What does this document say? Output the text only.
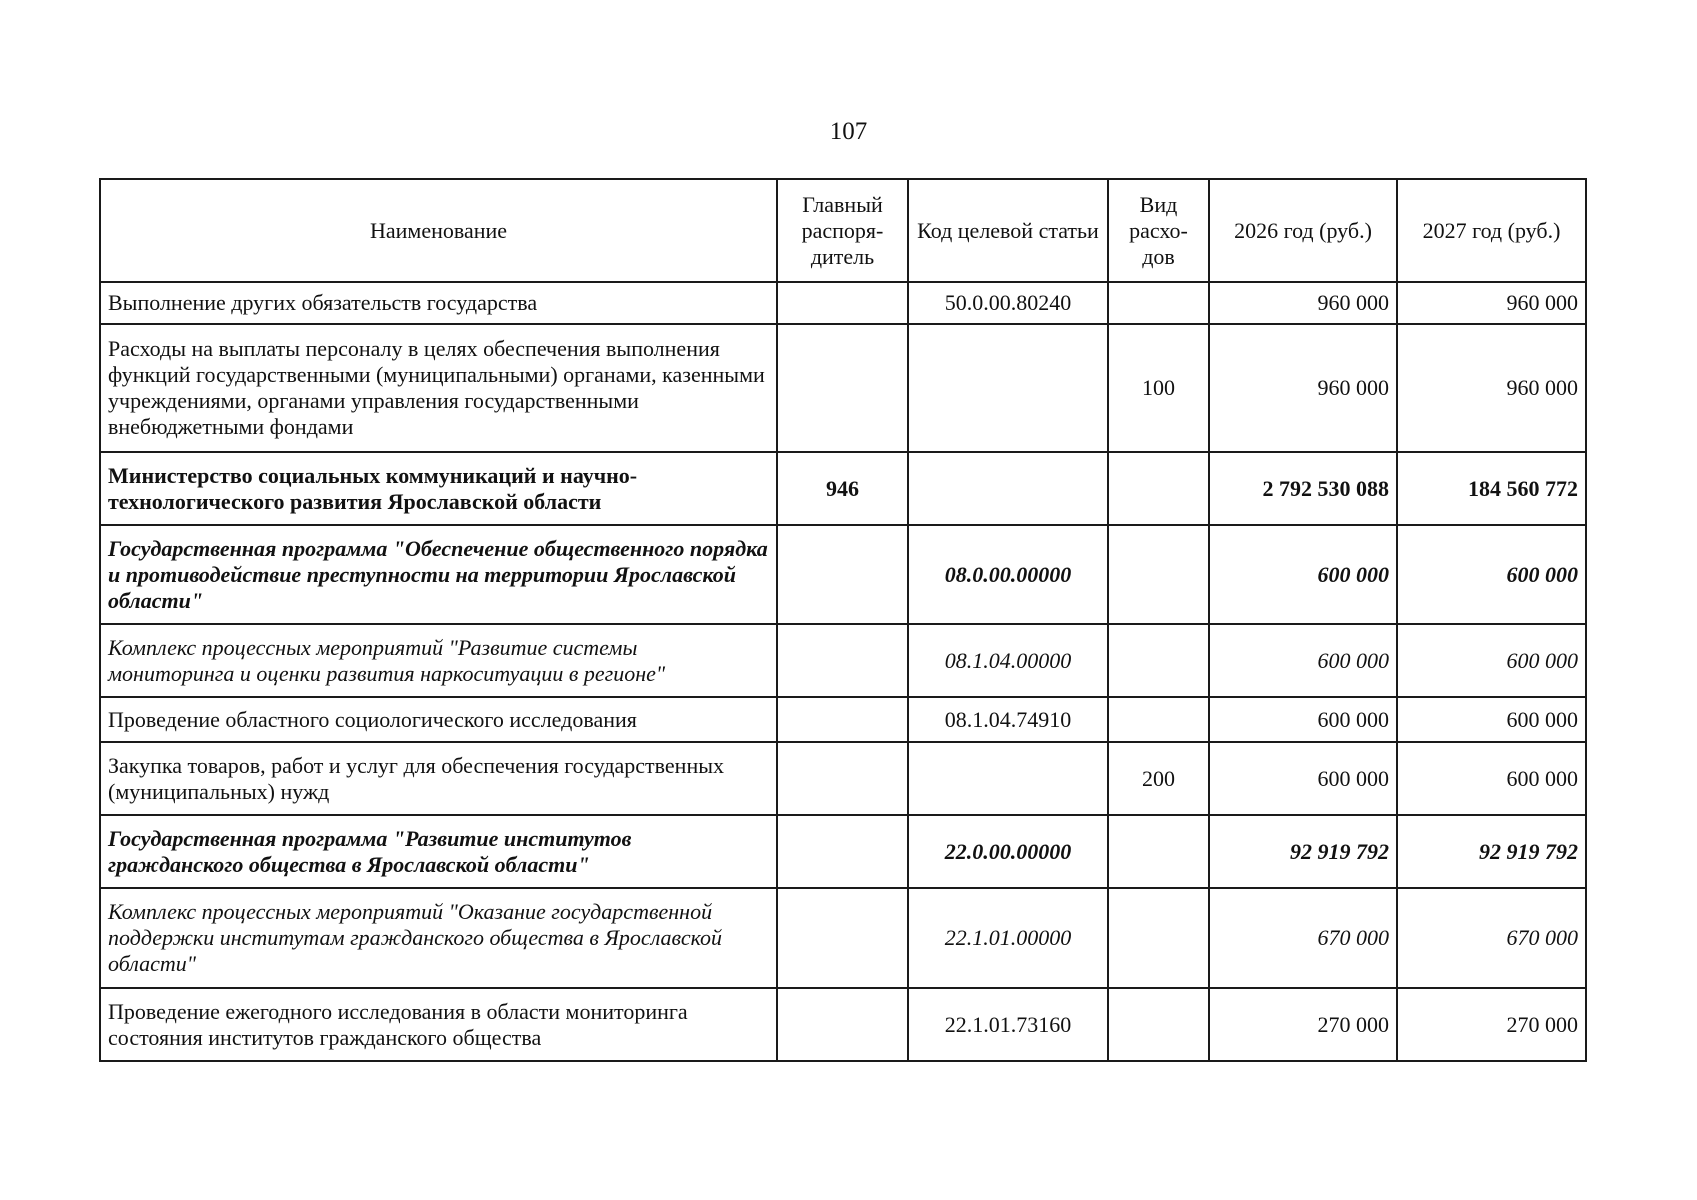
107
Наименование	Главный распоря-дитель	Код целевой статьи	Вид расхо-дов	2026 год (руб.)	2027 год (руб.)
Выполнение других обязательств государства		50.0.00.80240		960 000	960 000
Расходы на выплаты персоналу в целях обеспечения выполнения функций государственными (муниципальными) органами, казенными учреждениями, органами управления государственными внебюджетными фондами			100	960 000	960 000
Министерство социальных коммуникаций и научно-технологического развития Ярославской области	946			2 792 530 088	184 560 772
Государственная программа "Обеспечение общественного порядка и противодействие преступности на территории Ярославской области"		08.0.00.00000		600 000	600 000
Комплекс процессных мероприятий "Развитие системы мониторинга и оценки развития наркоситуации в регионе"		08.1.04.00000		600 000	600 000
Проведение областного социологического исследования		08.1.04.74910		600 000	600 000
Закупка товаров, работ и услуг для обеспечения государственных (муниципальных) нужд			200	600 000	600 000
Государственная программа "Развитие институтов гражданского общества в Ярославской области"		22.0.00.00000		92 919 792	92 919 792
Комплекс процессных мероприятий "Оказание государственной поддержки институтам гражданского общества в Ярославской области"		22.1.01.00000		670 000	670 000
Проведение ежегодного исследования в области мониторинга состояния институтов гражданского общества		22.1.01.73160		270 000	270 000
